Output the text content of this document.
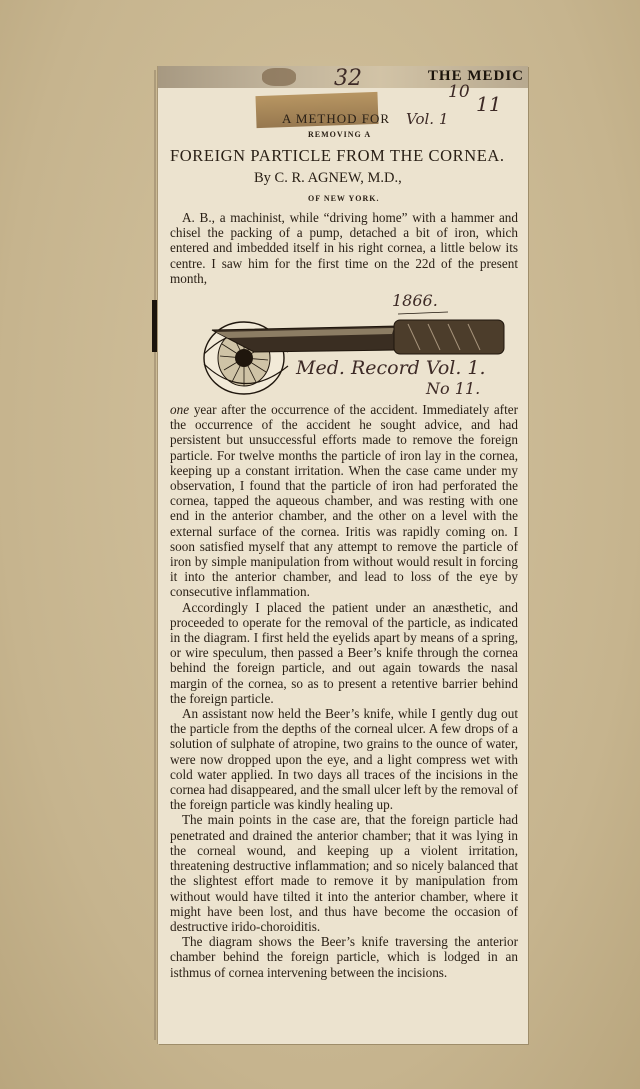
THE MEDIC
32
10 11
Vol. 1
A METHOD FOR
REMOVING A
FOREIGN PARTICLE FROM THE CORNEA.
By C. R. AGNEW, M.D.,
OF NEW YORK.
A. B., a machinist, while “driving home” with a hammer and chisel the packing of a pump, detached a bit of iron, which entered and imbedded itself in his right cornea, a little below its centre. I saw him for the first time on the 22d of the present month,
1866.
Med. Record Vol. 1.
No 11.

one year after the occurrence of the accident. Immediately after the occurrence of the accident he sought advice, and had persistent but unsuccessful efforts made to remove the foreign particle. For twelve months the particle of iron lay in the cornea, keeping up a constant irritation. When the case came under my observation, I found that the particle of iron had perforated the cornea, tapped the aqueous chamber, and was resting with one end in the anterior chamber, and the other on a level with the external surface of the cornea. Iritis was rapidly coming on. I soon satisfied myself that any attempt to remove the particle of iron by simple manipulation from without would result in forcing it into the anterior chamber, and lead to loss of the eye by consecutive inflammation.

Accordingly I placed the patient under an anæsthetic, and proceeded to operate for the removal of the particle, as indicated in the diagram. I first held the eyelids apart by means of a spring, or wire speculum, then passed a Beer’s knife through the cornea behind the foreign particle, and out again towards the nasal margin of the cornea, so as to present a retentive barrier behind the foreign particle.

An assistant now held the Beer’s knife, while I gently dug out the particle from the depths of the corneal ulcer. A few drops of a solution of sulphate of atropine, two grains to the ounce of water, were now dropped upon the eye, and a light compress wet with cold water applied. In two days all traces of the incisions in the cornea had disappeared, and the small ulcer left by the removal of the foreign particle was kindly healing up.

The main points in the case are, that the foreign particle had penetrated and drained the anterior chamber; that it was lying in the corneal wound, and keeping up a violent irritation, threatening destructive inflammation; and so nicely balanced that the slightest effort made to remove it by manipulation from without would have tilted it into the anterior chamber, where it might have been lost, and thus have become the occasion of destructive irido-choroiditis.

The diagram shows the Beer’s knife traversing the anterior chamber behind the foreign particle, which is lodged in an isthmus of cornea intervening between the incisions.
